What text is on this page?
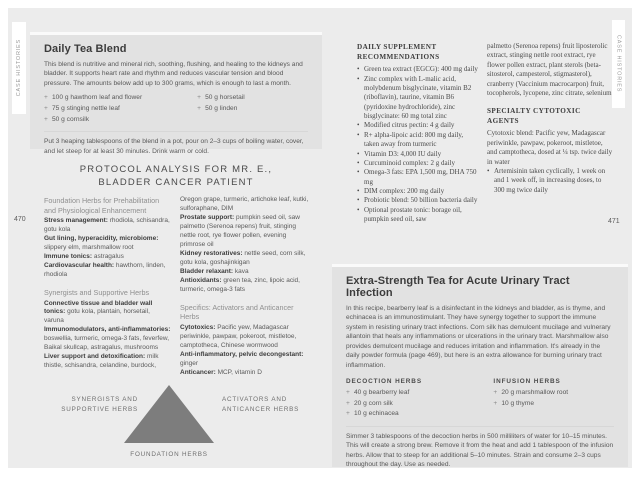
CASE HISTORIES	CASE HISTORIES
470
Daily Tea Blend

This blend is nutritive and mineral rich, soothing, flushing, and healing to the kidneys and bladder. It supports heart rate and rhythm and reduces vascular tension and blood pressure. The amounts below add up to 300 grams, which is enough to last a month.

+ 100 g hawthorn leaf and flower
+ 75 g stinging nettle leaf
+ 50 g cornsilk
+ 50 g horsetail
+ 50 g linden

Put 3 heaping tablespoons of the blend in a pot, pour on 2–3 cups of boiling water, cover, and let steep for at least 30 minutes. Drink warm or cold.

PROTOCOL ANALYSIS FOR MR. E.,
BLADDER CANCER PATIENT

Foundation Herbs for Prehabilitation and Physiological Enhancement

Stress management: rhodiola, schisandra, gotu kola

Gut lining, hyperacidity, microbiome: slippery elm, marshmallow root

Immune tonics: astragalus

Cardiovascular health: hawthorn, linden, rhodiola

Synergists and Supportive Herbs

Connective tissue and bladder wall tonics: gotu kola, plantain, horsetail, varuna

Immunomodulators, anti-inflammatories: boswellia, turmeric, omega-3 fats, feverfew, Baikal skullcap, astragalus, mushrooms

Liver support and detoxification: milk thistle, schisandra, celandine, burdock,

Oregon grape, turmeric, artichoke leaf, kutki, sulforaphane, DIM

Prostate support: pumpkin seed oil, saw palmetto (Serenoa repens) fruit, stinging nettle root, rye flower pollen, evening primrose oil

Kidney restoratives: nettle seed, corn silk, gotu kola, goshajinkigan

Bladder relaxant: kava

Antioxidants: green tea, zinc, lipoic acid, turmeric, omega-3 fats

Specifics: Activators and Anticancer Herbs

Cytotoxics: Pacific yew, Madagascar periwinkle, pawpaw, pokeroot, mistletoe, camptotheca, Chinese wormwood

Anti-inflammatory, pelvic decongestant: ginger

Anticancer: MCP, vitamin D

SYNERGISTS AND SUPPORTIVE HERBS
ACTIVATORS AND ANTICANCER HERBS
FOUNDATION HERBS
471

DAILY SUPPLEMENT RECOMMENDATIONS

• Green tea extract (EGCG): 400 mg daily
• Zinc complex with L-malic acid, molybdenum bisglycinate, vitamin B2 (riboflavin), taurine, vitamin B6 (pyridoxine hydrochloride), zinc bisglycinate: 60 mg total zinc
• Modified citrus pectin: 4 g daily
• R+ alpha-lipoic acid: 800 mg daily, taken away from turmeric
• Vitamin D3: 4,000 IU daily
• Curcuminoid complex: 2 g daily
• Omega-3 fats: EPA 1,500 mg, DHA 750 mg
• DIM complex: 200 mg daily
• Probiotic blend: 50 billion bacteria daily
• Optional prostate tonic: borage oil, pumpkin seed oil, saw

palmetto (Serenoa repens) fruit liposterolic extract, stinging nettle root extract, rye flower pollen extract, plant sterols (beta-sitosterol, campesterol, stigmasterol), cranberry (Vaccinium macrocarpon) fruit, tocopherols, lycopene, zinc citrate, selenium

SPECIALTY CYTOTOXIC AGENTS

Cytotoxic blend: Pacific yew, Madagascar periwinkle, pawpaw, pokeroot, mistletoe, and camptotheca, dosed at ¼ tsp. twice daily in water

• Artemisinin taken cyclically, 1 week on and 1 week off, in increasing doses, to 300 mg twice daily
Extra-Strength Tea for Acute Urinary Tract Infection

In this recipe, bearberry leaf is a disinfectant in the kidneys and bladder, as is thyme, and echinacea is an immunostimulant. They have synergy together to support the immune system in resisting urinary tract infections. Corn silk has demulcent mucilage and vulnerary allantoin that heals any inflammations or ulcerations in the urinary tract. Marshmallow also provides demulcent mucilage and reduces irritation and inflammation. It's already in the daily powder formula (page 469), but here is an extra allowance for burning urinary tract inflammation.

DECOCTION HERBS

+ 40 g bearberry leaf
+ 20 g corn silk
+ 10 g echinacea

INFUSION HERBS

+ 20 g marshmallow root
+ 10 g thyme

Simmer 3 tablespoons of the decoction herbs in 500 milliliters of water for 10–15 minutes. This will create a strong brew. Remove it from the heat and add 1 tablespoon of the infusion herbs. Allow that to steep for an additional 5–10 minutes. Strain and consume 2–3 cups throughout the day. Use as needed.
